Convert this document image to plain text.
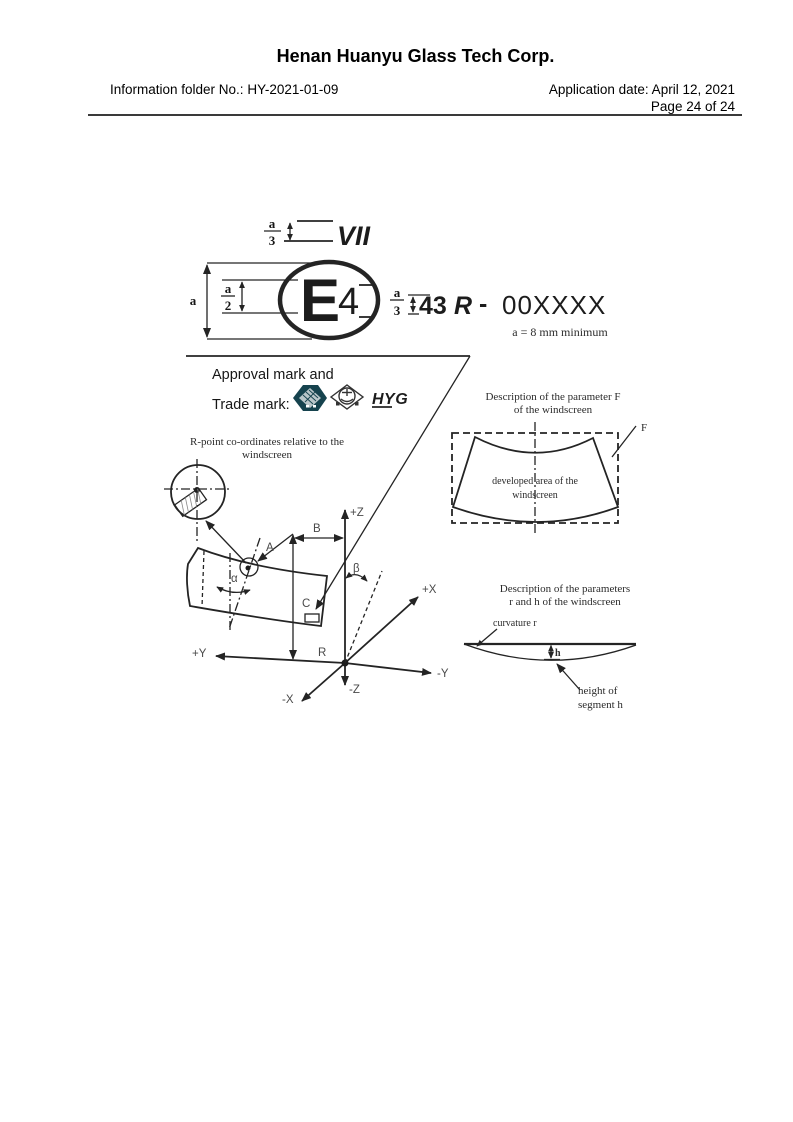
Henan Huanyu Glass Tech Corp.
Information folder No.: HY-2021-01-09	Application date: April 12, 2021
Page 24 of 24
a
3 VII
a
a
2 E
4	a
3 43 R - 00XXXX
a = 8 mm minimum
Approval mark and
Trade mark:	HYG
R-point co-ordinates relative to the
windscreen
α
A
B
C
+Z
-Z
+Y
-Y
+X
-X
R
β
Description of the parameter F
of the windscreen
developed area of the
windscreen
F
Description of the parameters
r and h of the windscreen
curvature r
h
height of
segment h
